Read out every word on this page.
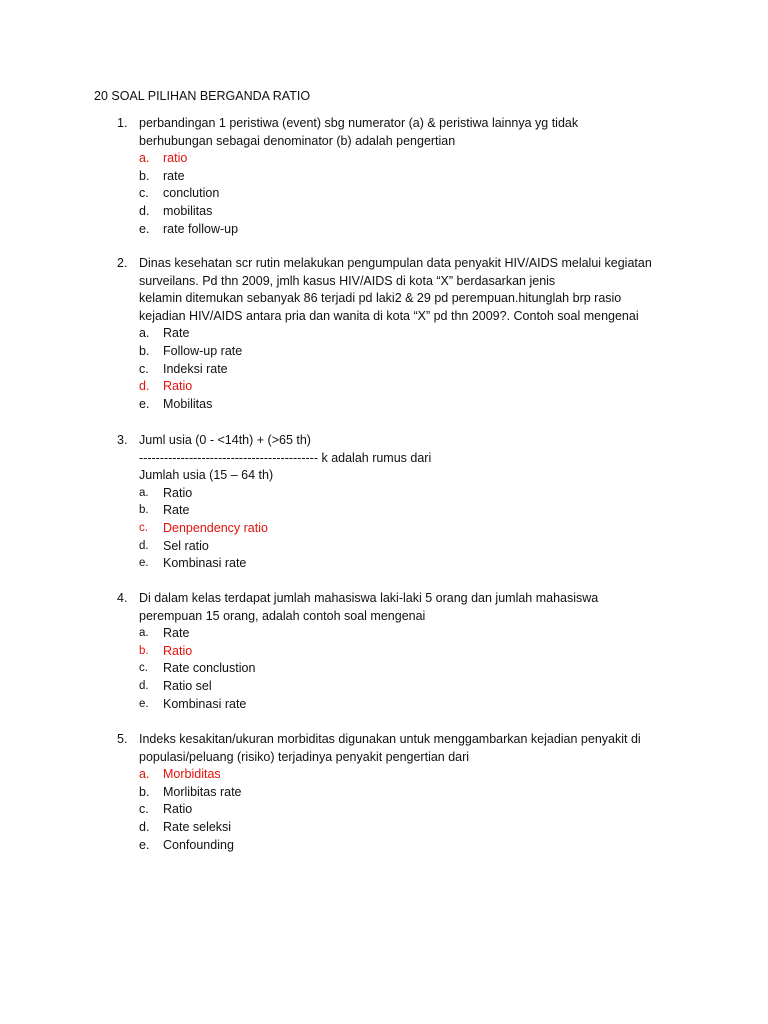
20 SOAL PILIHAN BERGANDA RATIO
1. perbandingan 1 peristiwa (event) sbg numerator (a) & peristiwa lainnya yg tidak
berhubungan sebagai denominator (b) adalah pengertian
a. ratio
b. rate
c. conclution
d. mobilitas
e. rate follow-up
2. Dinas kesehatan scr rutin melakukan pengumpulan data penyakit HIV/AIDS melalui kegiatan
surveilans. Pd thn 2009, jmlh kasus HIV/AIDS di kota “X” berdasarkan jenis
kelamin ditemukan sebanyak 86 terjadi pd laki2 & 29 pd perempuan.hitunglah brp rasio
kejadian HIV/AIDS antara pria dan wanita di kota “X” pd thn 2009?. Contoh soal mengenai
a. Rate
b. Follow-up rate
c. Indeksi rate
d. Ratio
e. Mobilitas
3. Juml usia (0 - <14th) + (>65 th)
------------------------------------------- k adalah rumus dari
Jumlah usia (15 – 64 th)
a. Ratio
b. Rate
c. Denpendency ratio
d. Sel ratio
e. Kombinasi rate
4. Di dalam kelas terdapat jumlah mahasiswa laki-laki 5 orang dan jumlah mahasiswa
perempuan 15 orang, adalah contoh soal mengenai
a. Rate
b. Ratio
c. Rate conclustion
d. Ratio sel
e. Kombinasi rate
5. Indeks kesakitan/ukuran morbiditas digunakan untuk menggambarkan kejadian penyakit di
populasi/peluang (risiko) terjadinya penyakit pengertian dari
a. Morbiditas
b. Morlibitas rate
c. Ratio
d. Rate seleksi
e. Confounding
